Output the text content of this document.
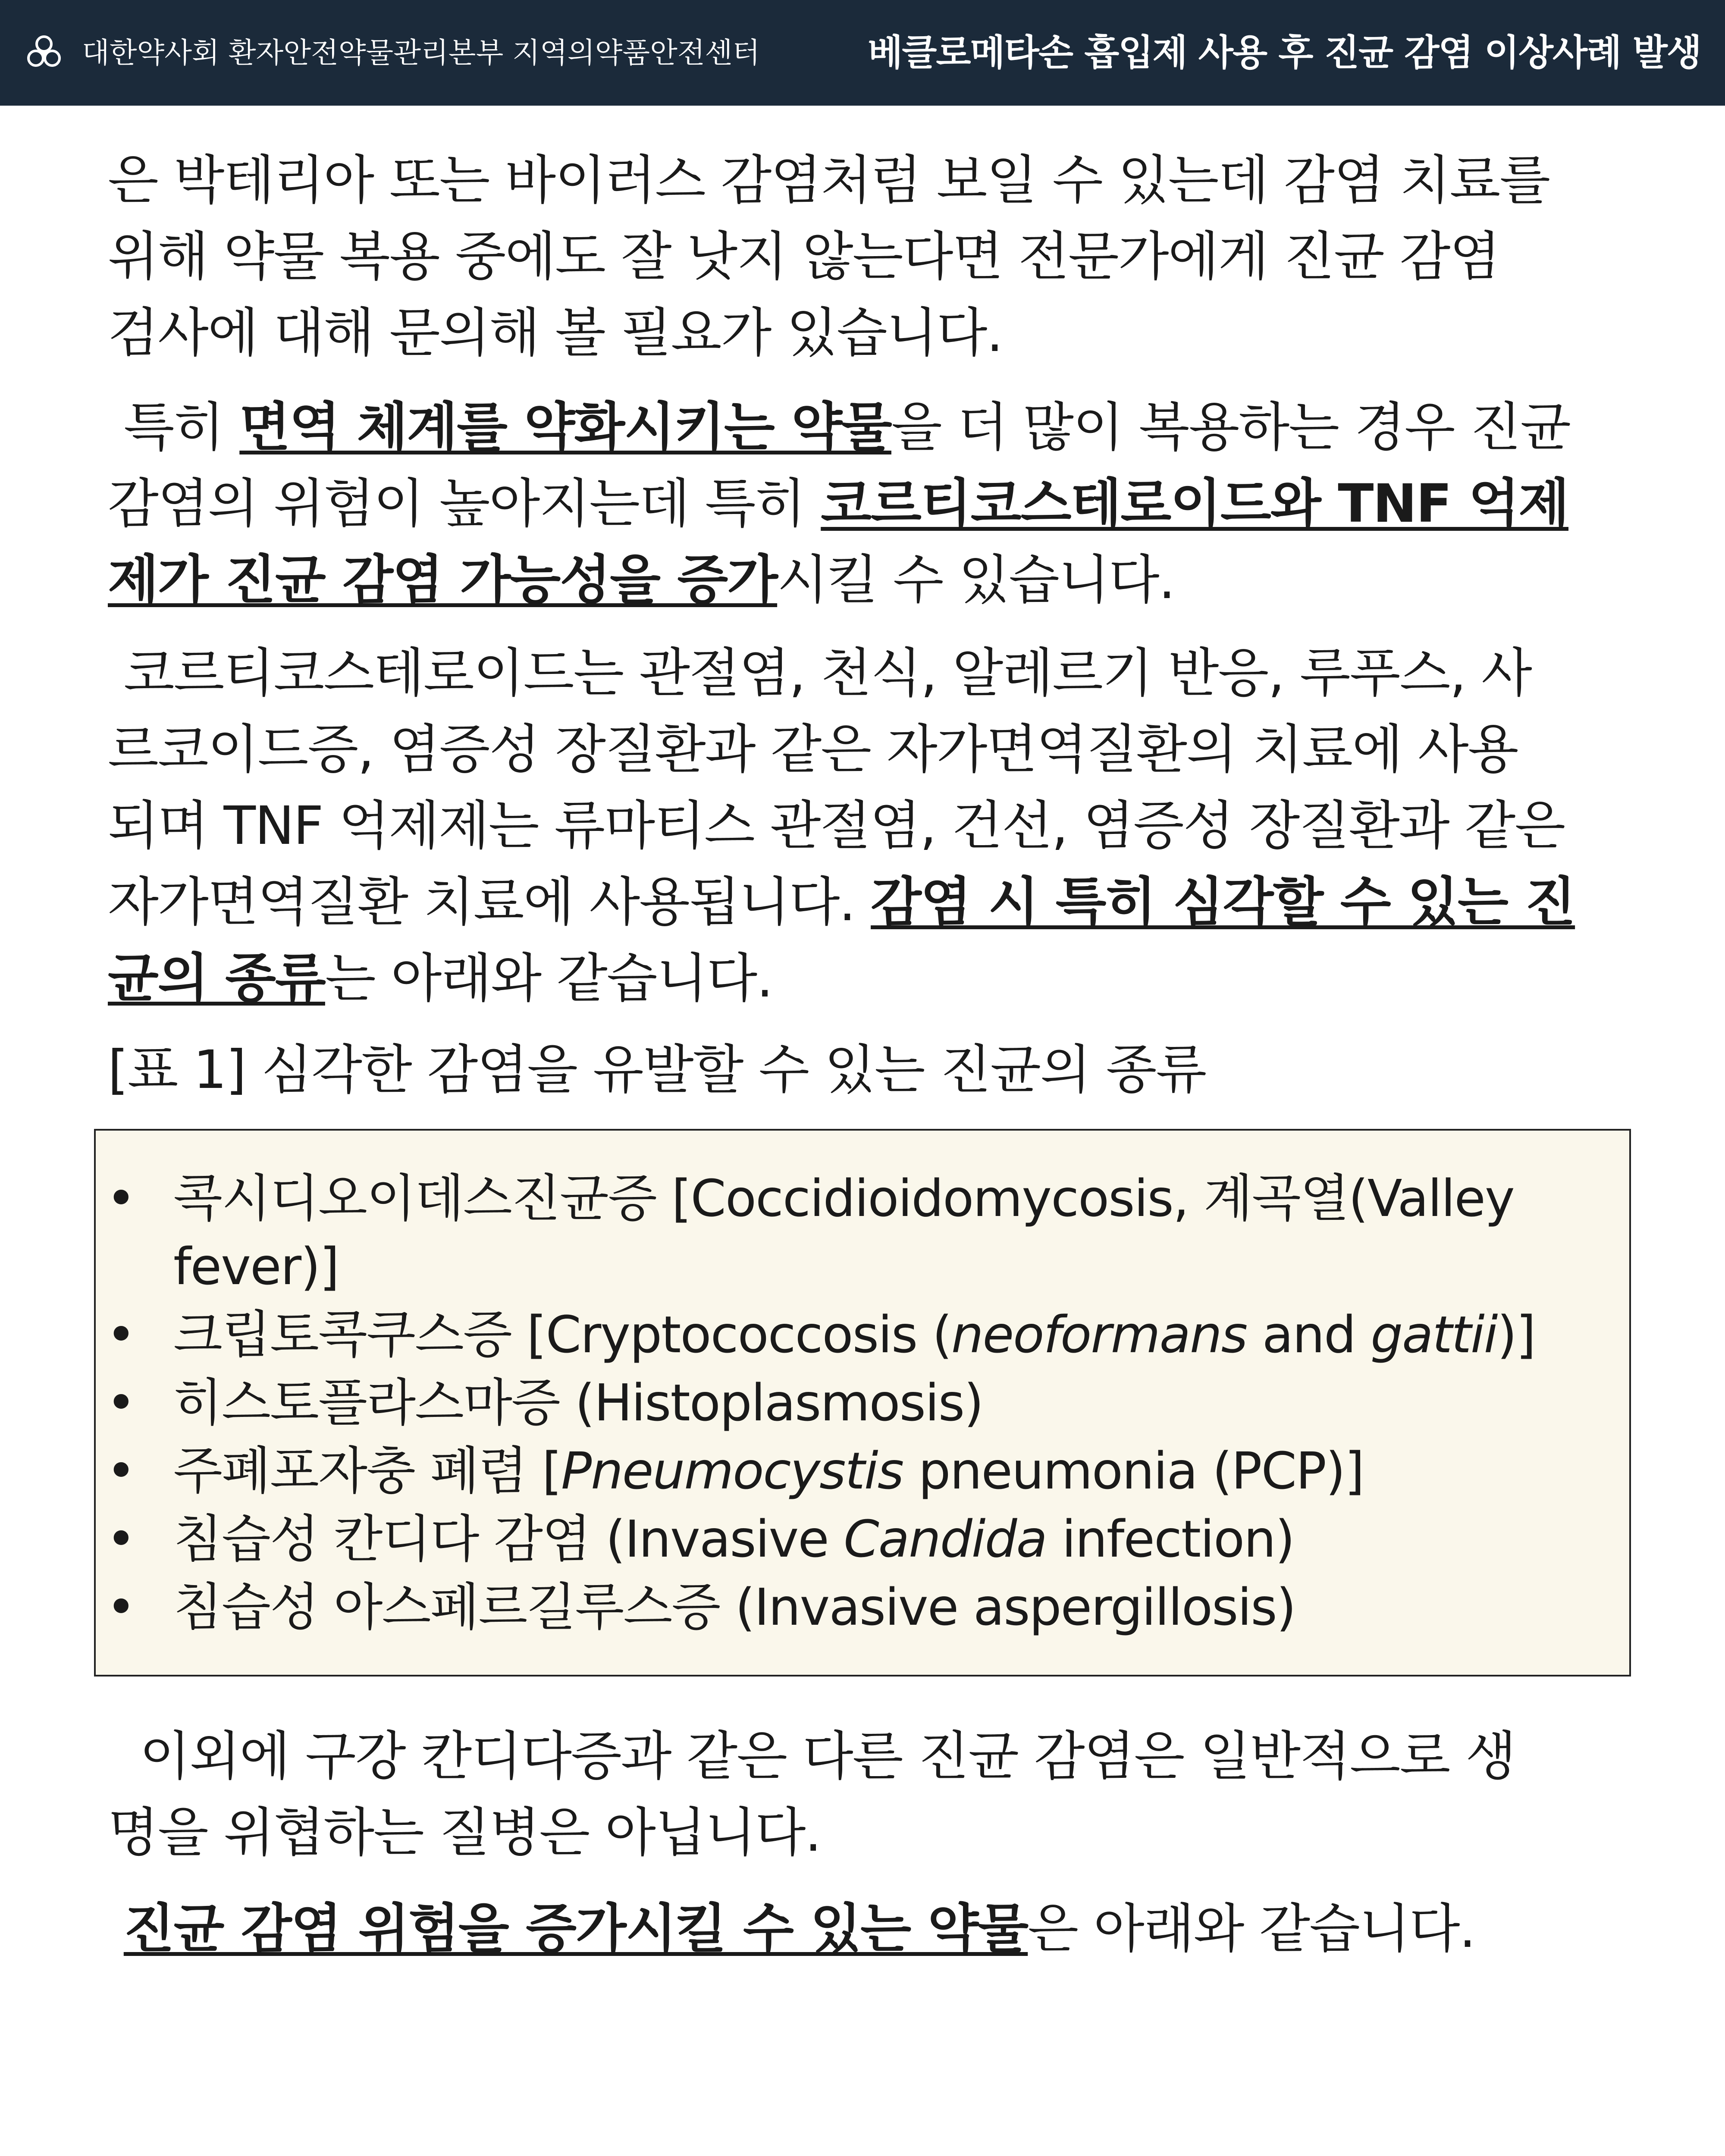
대한약사회 환자안전약물관리본부 지역의약품안전센터	베클로메타손 흡입제 사용 후 진균 감염 이상사례 발생

은 박테리아 또는 바이러스 감염처럼 보일 수 있는데 감염 치료를
위해 약물 복용 중에도 잘 낫지 않는다면 전문가에게 진균 감염
검사에 대해 문의해 볼 필요가 있습니다.

특히 면역 체계를 약화시키는 약물을 더 많이 복용하는 경우 진균
감염의 위험이 높아지는데 특히 코르티코스테로이드와 TNF 억제
제가 진균 감염 가능성을 증가시킬 수 있습니다.

코르티코스테로이드는 관절염, 천식, 알레르기 반응, 루푸스, 사
르코이드증, 염증성 장질환과 같은 자가면역질환의 치료에 사용
되며 TNF 억제제는 류마티스 관절염, 건선, 염증성 장질환과 같은
자가면역질환 치료에 사용됩니다. 감염 시 특히 심각할 수 있는 진
균의 종류는 아래와 같습니다.

[표 1] 심각한 감염을 유발할 수 있는 진균의 종류

• 콕시디오이데스진균증 [Coccidioidomycosis, 계곡열(Valley
fever)]
• 크립토콕쿠스증 [Cryptococcosis (neoformans and gattii)]
• 히스토플라스마증 (Histoplasmosis)
• 주폐포자충 폐렴 [Pneumocystis pneumonia (PCP)]
• 침습성 칸디다 감염 (Invasive Candida infection)
• 침습성 아스페르길루스증 (Invasive aspergillosis)

이외에 구강 칸디다증과 같은 다른 진균 감염은 일반적으로 생
명을 위협하는 질병은 아닙니다.

진균 감염 위험을 증가시킬 수 있는 약물은 아래와 같습니다.
